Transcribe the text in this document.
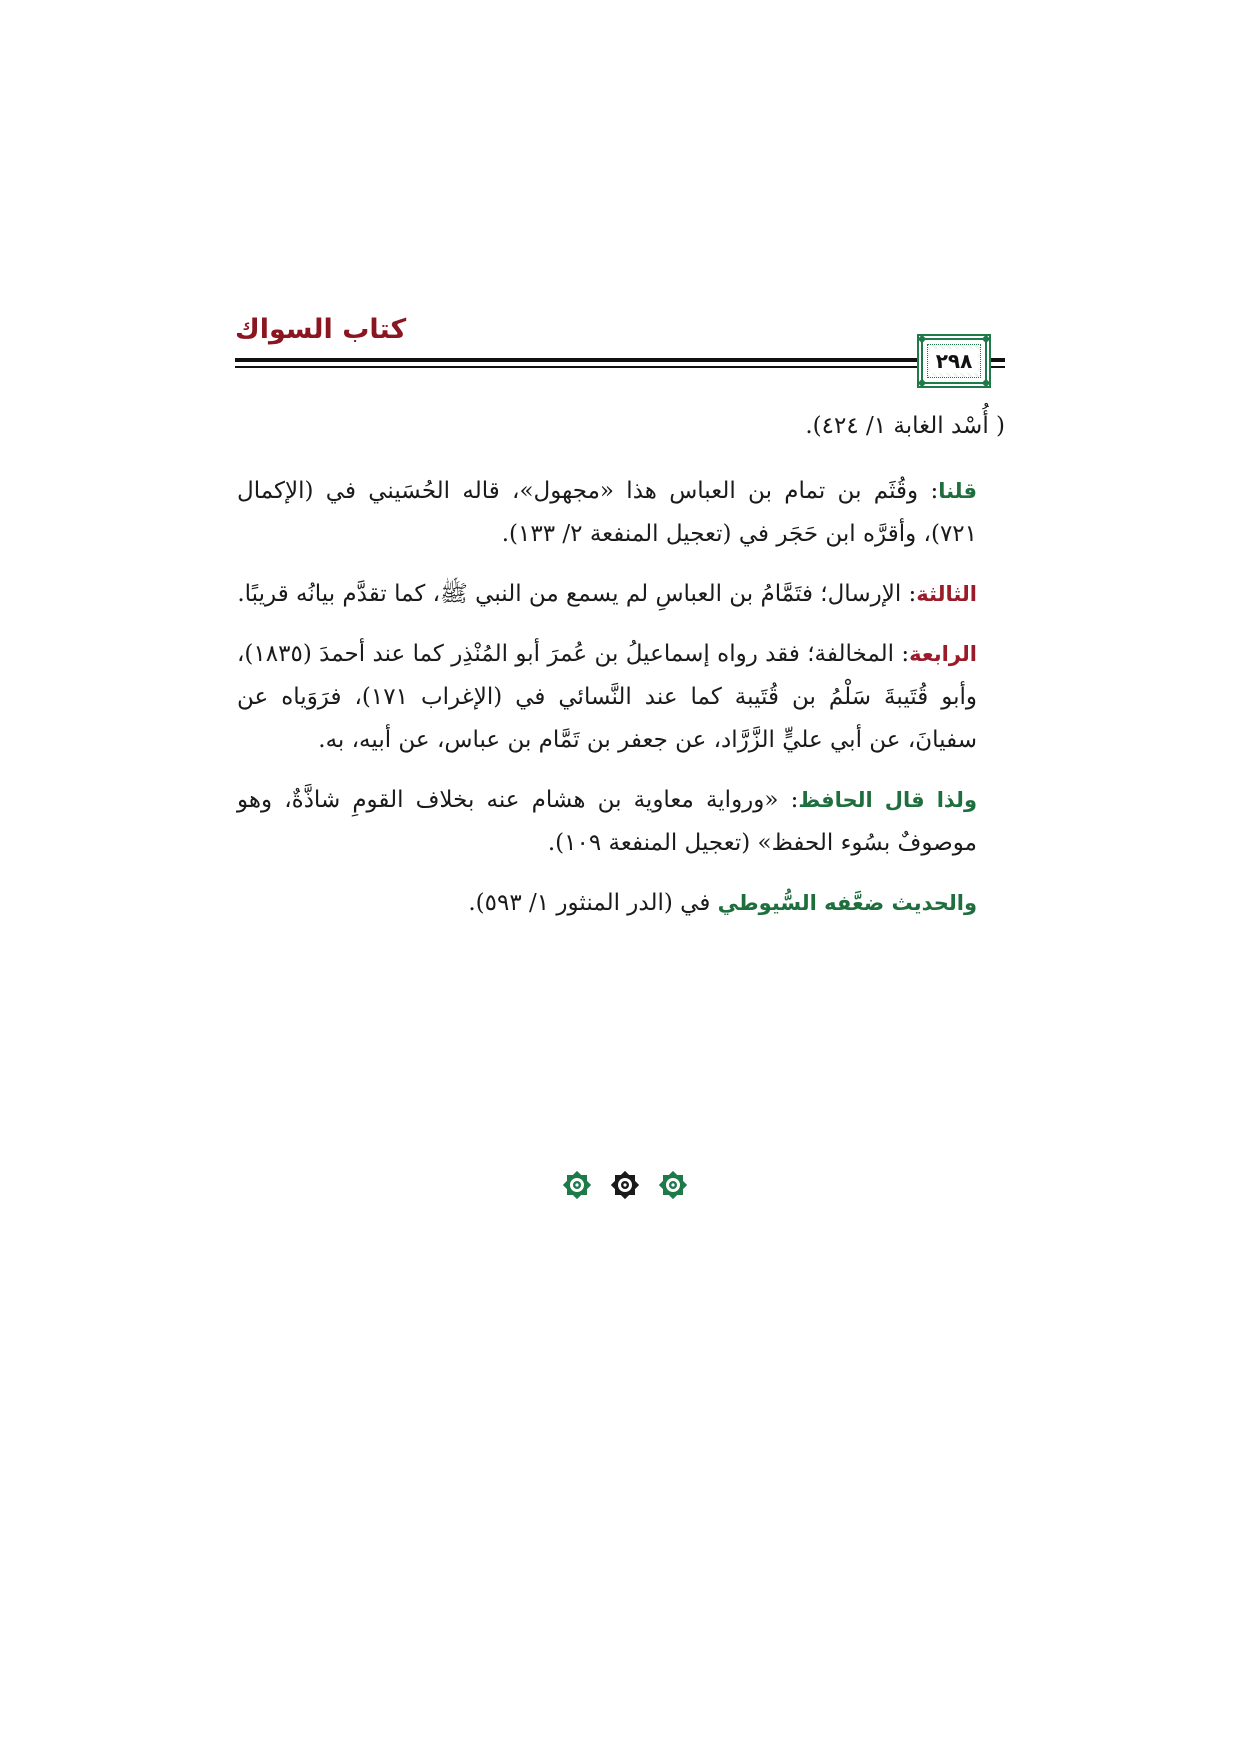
كتاب السواك
٢٩٨

( أُسْد الغابة ١/ ٤٢٤).

قلنا: وقُثَم بن تمام بن العباس هذا «مجهول»، قاله الحُسَيني في (الإكمال ٧٢١)، وأقرَّه ابن حَجَر في (تعجيل المنفعة ٢/ ١٣٣).

الثالثة: الإرسال؛ فتَمَّامُ بن العباسِ لم يسمع من النبي ﷺ، كما تقدَّم بيانُه قريبًا.

الرابعة: المخالفة؛ فقد رواه إسماعيلُ بن عُمرَ أبو المُنْذِر كما عند أحمدَ (١٨٣٥)، وأبو قُتَيبةَ سَلْمُ بن قُتَيبة كما عند النَّسائي في (الإغراب ١٧١)، فرَوَياه عن سفيانَ، عن أبي عليٍّ الزَّرَّاد، عن جعفر بن تَمَّام بن عباس، عن أبيه، به.

ولذا قال الحافظ: «ورواية معاوية بن هشام عنه بخلاف القومِ شاذَّةٌ، وهو موصوفٌ بسُوء الحفظ» (تعجيل المنفعة ١٠٩).

والحديث ضعَّفه السُّيوطي في (الدر المنثور ١/ ٥٩٣).
